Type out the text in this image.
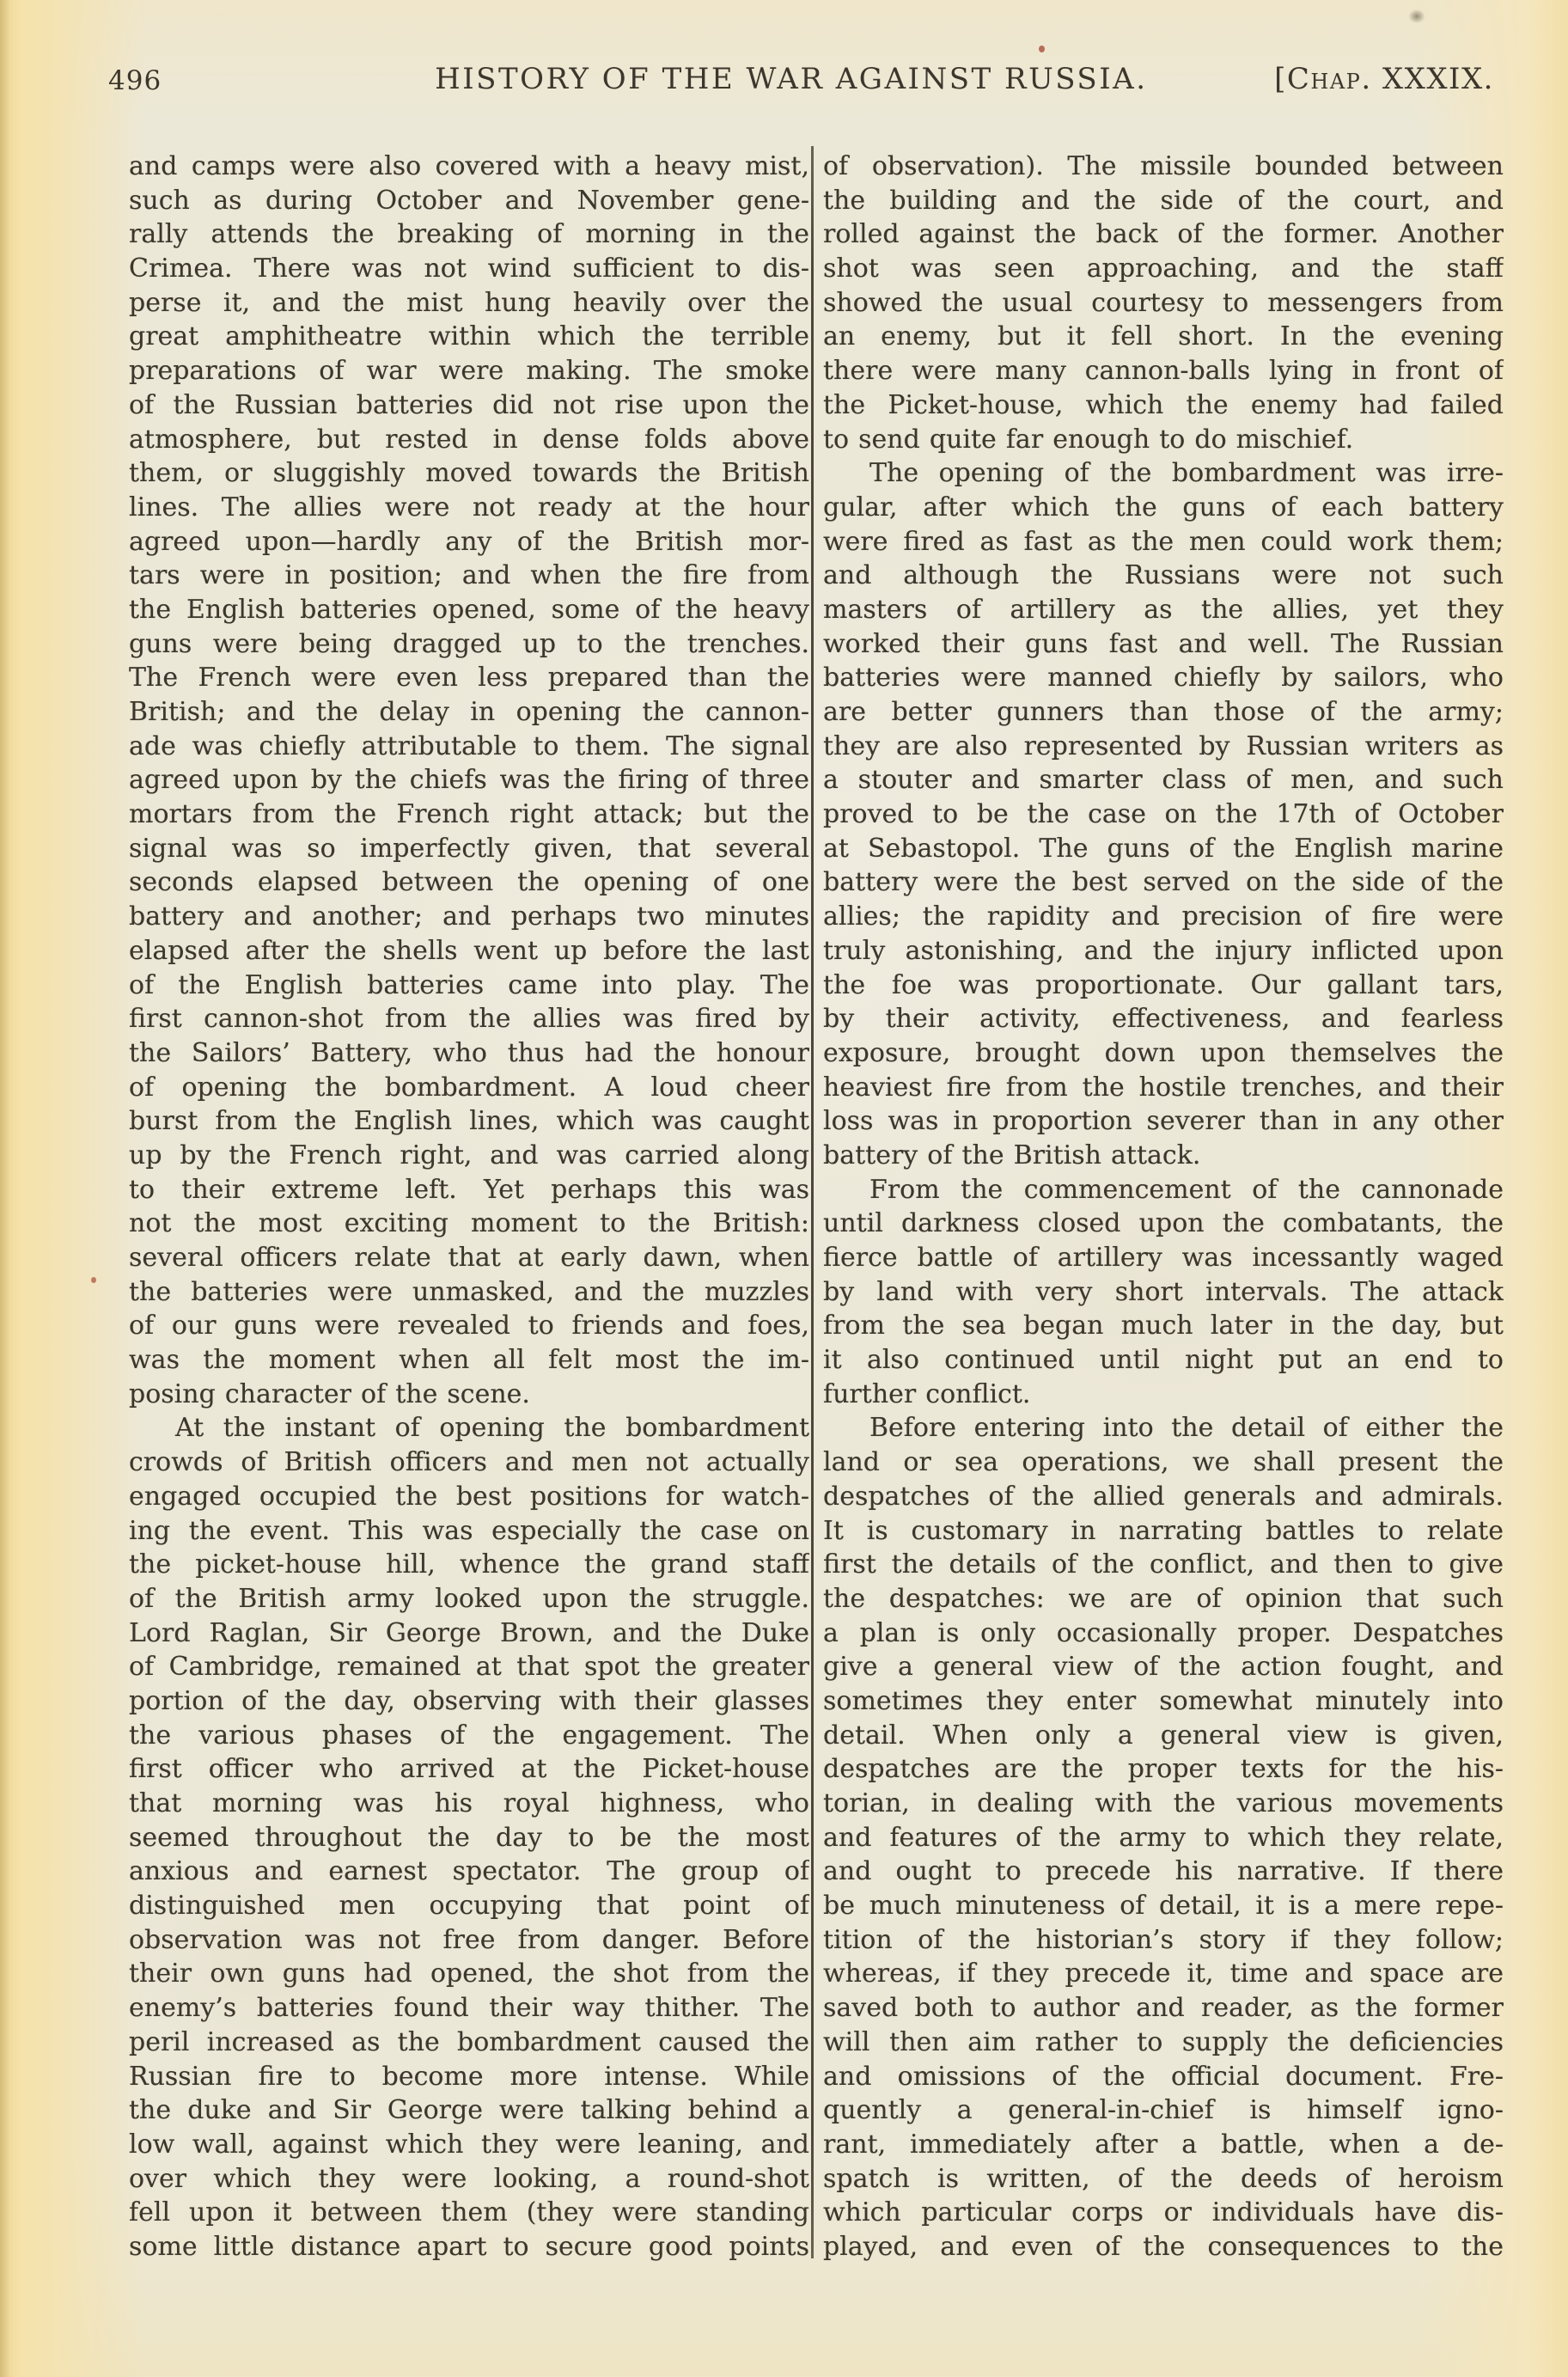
496	HISTORY OF THE WAR AGAINST RUSSIA.	[Chap. XXXIX.
and camps were also covered with a heavy mist,
such as during October and November gene-
rally attends the breaking of morning in the
Crimea. There was not wind sufficient to dis-
perse it, and the mist hung heavily over the
great amphitheatre within which the terrible
preparations of war were making. The smoke
of the Russian batteries did not rise upon the
atmosphere, but rested in dense folds above
them, or sluggishly moved towards the British
lines. The allies were not ready at the hour
agreed upon—hardly any of the British mor-
tars were in position; and when the fire from
the English batteries opened, some of the heavy
guns were being dragged up to the trenches.
The French were even less prepared than the
British; and the delay in opening the cannon-
ade was chiefly attributable to them. The signal
agreed upon by the chiefs was the firing of three
mortars from the French right attack; but the
signal was so imperfectly given, that several
seconds elapsed between the opening of one
battery and another; and perhaps two minutes
elapsed after the shells went up before the last
of the English batteries came into play. The
first cannon-shot from the allies was fired by
the Sailors’ Battery, who thus had the honour
of opening the bombardment. A loud cheer
burst from the English lines, which was caught
up by the French right, and was carried along
to their extreme left. Yet perhaps this was
not the most exciting moment to the British:
several officers relate that at early dawn, when
the batteries were unmasked, and the muzzles
of our guns were revealed to friends and foes,
was the moment when all felt most the im-
posing character of the scene.
At the instant of opening the bombardment
crowds of British officers and men not actually
engaged occupied the best positions for watch-
ing the event. This was especially the case on
the picket-house hill, whence the grand staff
of the British army looked upon the struggle.
Lord Raglan, Sir George Brown, and the Duke
of Cambridge, remained at that spot the greater
portion of the day, observing with their glasses
the various phases of the engagement. The
first officer who arrived at the Picket-house
that morning was his royal highness, who
seemed throughout the day to be the most
anxious and earnest spectator. The group of
distinguished men occupying that point of
observation was not free from danger. Before
their own guns had opened, the shot from the
enemy’s batteries found their way thither. The
peril increased as the bombardment caused the
Russian fire to become more intense. While
the duke and Sir George were talking behind a
low wall, against which they were leaning, and
over which they were looking, a round-shot
fell upon it between them (they were standing
some little distance apart to secure good points
of observation). The missile bounded between
the building and the side of the court, and
rolled against the back of the former. Another
shot was seen approaching, and the staff
showed the usual courtesy to messengers from
an enemy, but it fell short. In the evening
there were many cannon-balls lying in front of
the Picket-house, which the enemy had failed
to send quite far enough to do mischief.
The opening of the bombardment was irre-
gular, after which the guns of each battery
were fired as fast as the men could work them;
and although the Russians were not such
masters of artillery as the allies, yet they
worked their guns fast and well. The Russian
batteries were manned chiefly by sailors, who
are better gunners than those of the army;
they are also represented by Russian writers as
a stouter and smarter class of men, and such
proved to be the case on the 17th of October
at Sebastopol. The guns of the English marine
battery were the best served on the side of the
allies; the rapidity and precision of fire were
truly astonishing, and the injury inflicted upon
the foe was proportionate. Our gallant tars,
by their activity, effectiveness, and fearless
exposure, brought down upon themselves the
heaviest fire from the hostile trenches, and their
loss was in proportion severer than in any other
battery of the British attack.
From the commencement of the cannonade
until darkness closed upon the combatants, the
fierce battle of artillery was incessantly waged
by land with very short intervals. The attack
from the sea began much later in the day, but
it also continued until night put an end to
further conflict.
Before entering into the detail of either the
land or sea operations, we shall present the
despatches of the allied generals and admirals.
It is customary in narrating battles to relate
first the details of the conflict, and then to give
the despatches: we are of opinion that such
a plan is only occasionally proper. Despatches
give a general view of the action fought, and
sometimes they enter somewhat minutely into
detail. When only a general view is given,
despatches are the proper texts for the his-
torian, in dealing with the various movements
and features of the army to which they relate,
and ought to precede his narrative. If there
be much minuteness of detail, it is a mere repe-
tition of the historian’s story if they follow;
whereas, if they precede it, time and space are
saved both to author and reader, as the former
will then aim rather to supply the deficiencies
and omissions of the official document. Fre-
quently a general-in-chief is himself igno-
rant, immediately after a battle, when a de-
spatch is written, of the deeds of heroism
which particular corps or individuals have dis-
played, and even of the consequences to the
